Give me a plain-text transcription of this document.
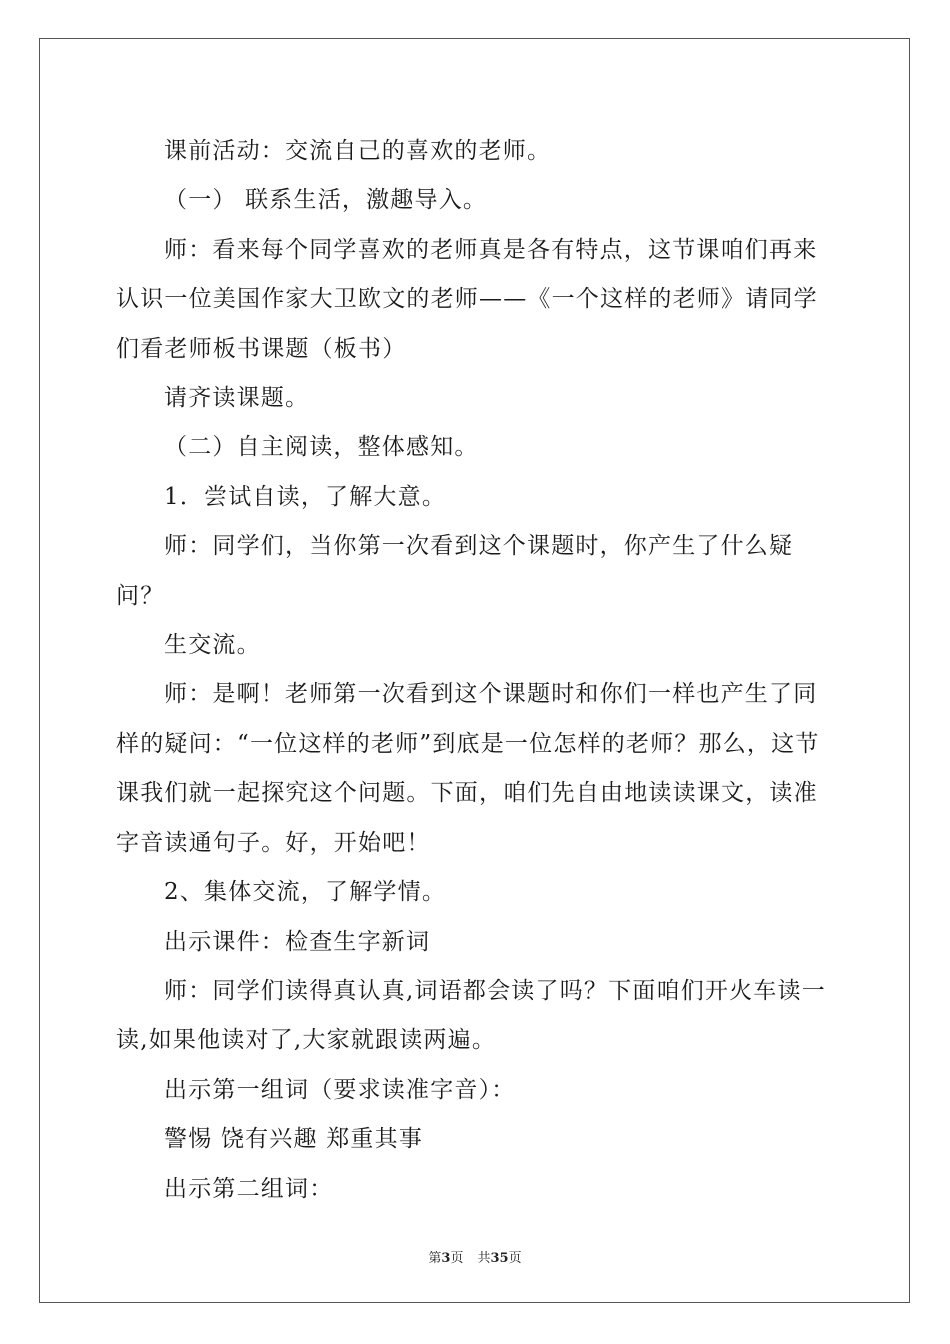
课前活动：交流自己的喜欢的老师。

（一） 联系生活，激趣导入。

师：看来每个同学喜欢的老师真是各有特点，这节课咱们再来认识一位美国作家大卫欧文的老师——《一个这样的老师》请同学们看老师板书课题（板书）

请齐读课题。

（二）自主阅读，整体感知。

1．尝试自读，了解大意。

师：同学们，当你第一次看到这个课题时，你产生了什么疑问？

生交流。

师：是啊！老师第一次看到这个课题时和你们一样也产生了同样的疑问：“一位这样的老师”到底是一位怎样的老师？那么，这节课我们就一起探究这个问题。下面，咱们先自由地读读课文，读准字音读通句子。好，开始吧！

2、集体交流，了解学情。

出示课件：检查生字新词

师：同学们读得真认真,词语都会读了吗？下面咱们开火车读一读,如果他读对了,大家就跟读两遍。

出示第一组词（要求读准字音）：

警惕 饶有兴趣 郑重其事

出示第二组词：

第3页 共35页
